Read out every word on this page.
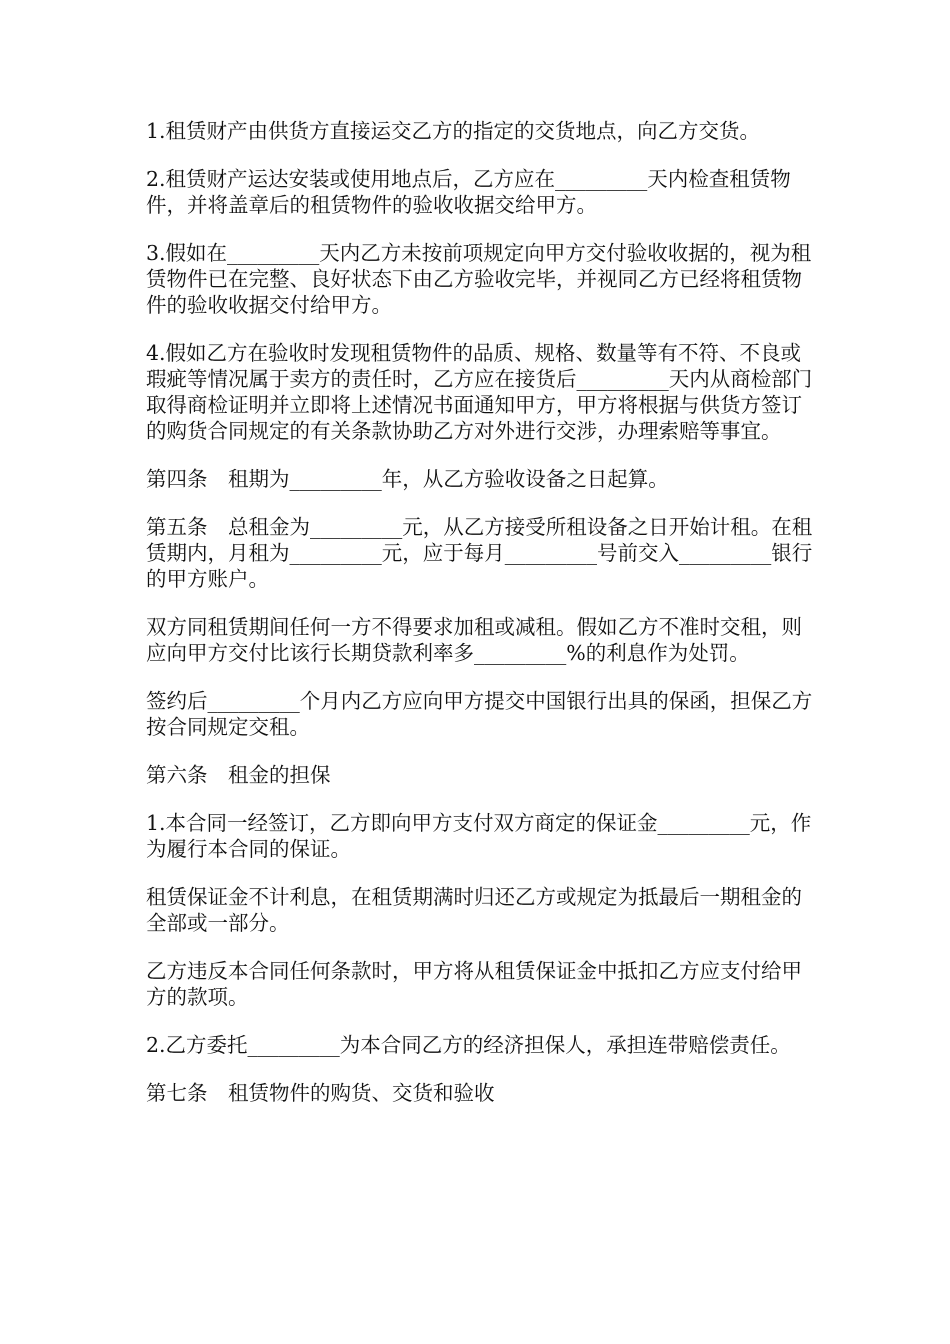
1.租赁财产由供货方直接运交乙方的指定的交货地点，向乙方交货。

2.租赁财产运达安装或使用地点后，乙方应在_________天内检查租赁物件，并将盖章后的租赁物件的验收收据交给甲方。

3.假如在_________天内乙方未按前项规定向甲方交付验收收据的，视为租赁物件已在完整、良好状态下由乙方验收完毕，并视同乙方已经将租赁物件的验收收据交付给甲方。

4.假如乙方在验收时发现租赁物件的品质、规格、数量等有不符、不良或瑕疵等情况属于卖方的责任时，乙方应在接货后_________天内从商检部门取得商检证明并立即将上述情况书面通知甲方，甲方将根据与供货方签订的购货合同规定的有关条款协助乙方对外进行交涉，办理索赔等事宜。

第四条　租期为_________年，从乙方验收设备之日起算。

第五条　总租金为_________元，从乙方接受所租设备之日开始计租。在租赁期内，月租为_________元，应于每月_________号前交入_________银行的甲方账户。

双方同租赁期间任何一方不得要求加租或减租。假如乙方不准时交租，则应向甲方交付比该行长期贷款利率多_________%的利息作为处罚。

签约后_________个月内乙方应向甲方提交中国银行出具的保函，担保乙方按合同规定交租。

第六条　租金的担保

1.本合同一经签订，乙方即向甲方支付双方商定的保证金_________元，作为履行本合同的保证。

租赁保证金不计利息，在租赁期满时归还乙方或规定为抵最后一期租金的全部或一部分。

乙方违反本合同任何条款时，甲方将从租赁保证金中抵扣乙方应支付给甲方的款项。

2.乙方委托_________为本合同乙方的经济担保人，承担连带赔偿责任。

第七条　租赁物件的购货、交货和验收
